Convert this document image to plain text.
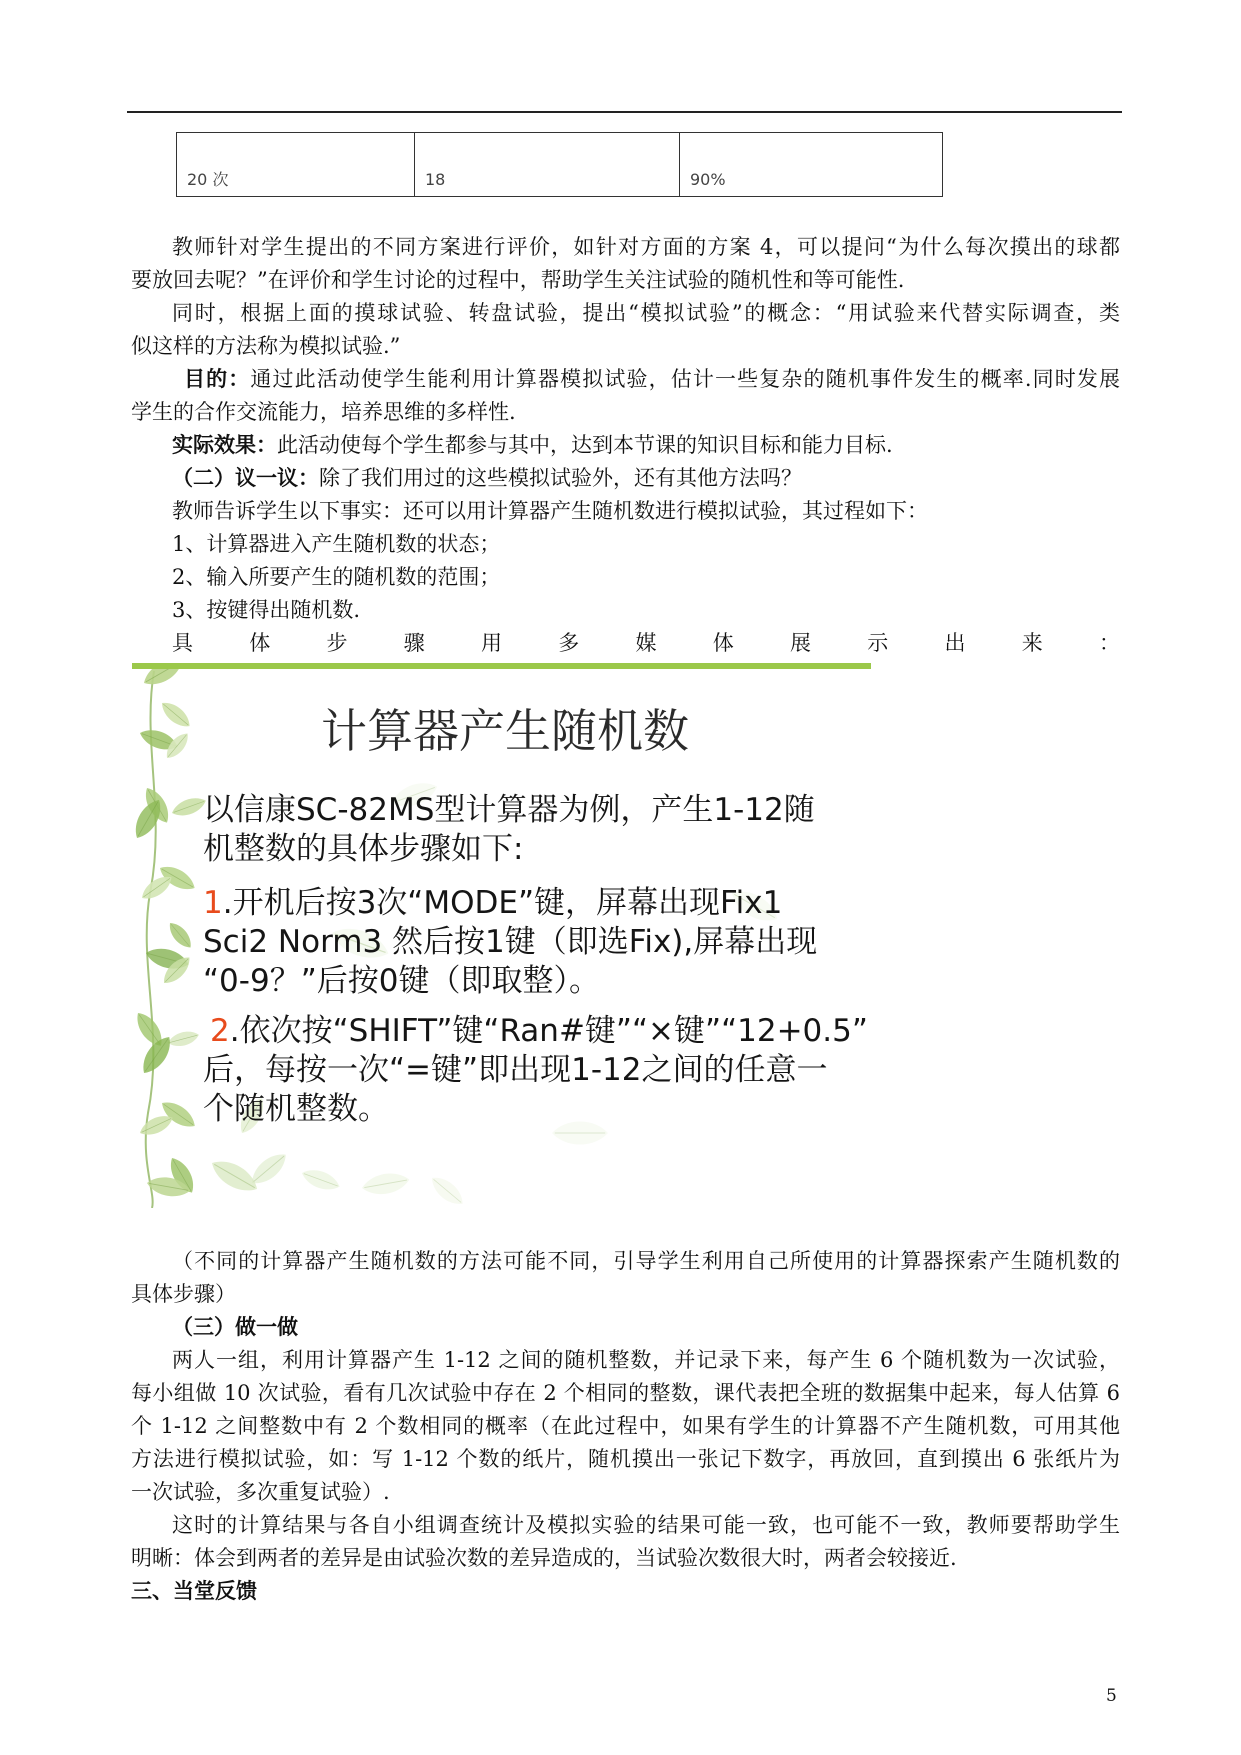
20 次	18	90%
教师针对学生提出的不同方案进行评价，如针对方面的方案 4，可以提问“为什么每次摸出的球都
要放回去呢？”在评价和学生讨论的过程中，帮助学生关注试验的随机性和等可能性.
同时，根据上面的摸球试验、转盘试验，提出“模拟试验”的概念：“用试验来代替实际调查，类
似这样的方法称为模拟试验.”
目的：通过此活动使学生能利用计算器模拟试验，估计一些复杂的随机事件发生的概率.同时发展
学生的合作交流能力，培养思维的多样性.
实际效果：此活动使每个学生都参与其中，达到本节课的知识目标和能力目标.
（二）议一议：除了我们用过的这些模拟试验外，还有其他方法吗？
教师告诉学生以下事实：还可以用计算器产生随机数进行模拟试验，其过程如下：
1、计算器进入产生随机数的状态；
2、输入所要产生的随机数的范围；
3、按键得出随机数.
具体步骤用多媒体展示出来：
计算器产生随机数
以信康SC-82MS型计算器为例，产生1-12随
机整数的具体步骤如下:
1.开机后按3次“MODE”键，屏幕出现Fix1
Sci2 Norm3 然后按1键（即选Fix),屏幕出现
“0-9？”后按0键（即取整）。
2.依次按“SHIFT”键“Ran#键”“×键”“12+0.5”
后，每按一次“=键”即出现1-12之间的任意一
个随机整数。
（不同的计算器产生随机数的方法可能不同，引导学生利用自己所使用的计算器探索产生随机数的
具体步骤）
（三）做一做
两人一组，利用计算器产生 1-12 之间的随机整数，并记录下来，每产生 6 个随机数为一次试验，
每小组做 10 次试验，看有几次试验中存在 2 个相同的整数，课代表把全班的数据集中起来，每人估算 6
个 1-12 之间整数中有 2 个数相同的概率（在此过程中，如果有学生的计算器不产生随机数，可用其他
方法进行模拟试验，如：写 1-12 个数的纸片，随机摸出一张记下数字，再放回，直到摸出 6 张纸片为
一次试验，多次重复试验）.
这时的计算结果与各自小组调查统计及模拟实验的结果可能一致，也可能不一致，教师要帮助学生
明晰：体会到两者的差异是由试验次数的差异造成的，当试验次数很大时，两者会较接近.
三、当堂反馈
5
